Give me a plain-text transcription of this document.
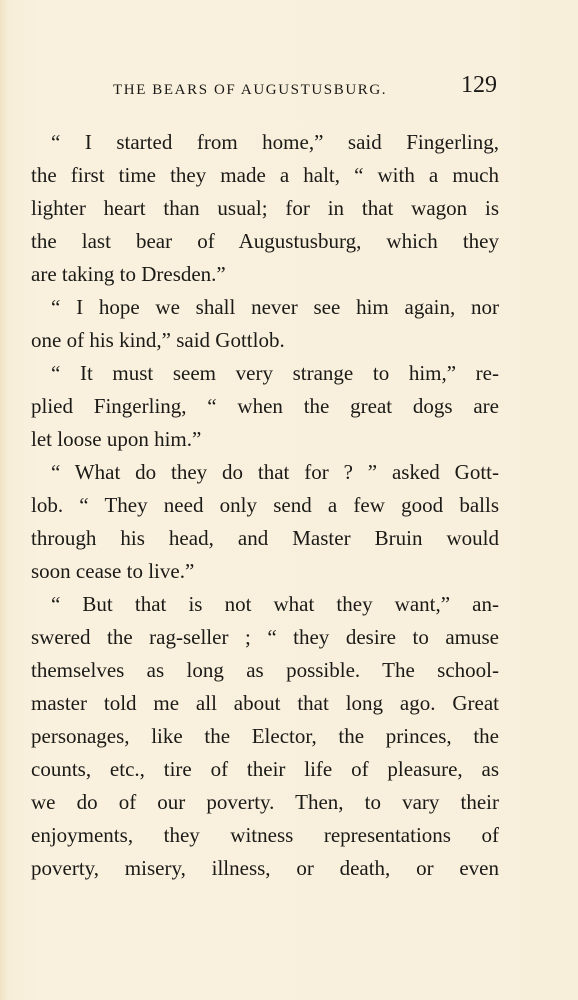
THE BEARS OF AUGUSTUSBURG.	129
“ I started from home,” said Fingerling,
the first time they made a halt, “ with a much
lighter heart than usual; for in that wagon is
the last bear of Augustusburg, which they
are taking to Dresden.”
“ I hope we shall never see him again, nor
one of his kind,” said Gottlob.
“ It must seem very strange to him,” re-
plied Fingerling, “ when the great dogs are
let loose upon him.”
“ What do they do that for ? ” asked Gott-
lob. “ They need only send a few good balls
through his head, and Master Bruin would
soon cease to live.”
“ But that is not what they want,” an-
swered the rag-seller ; “ they desire to amuse
themselves as long as possible. The school-
master told me all about that long ago. Great
personages, like the Elector, the princes, the
counts, etc., tire of their life of pleasure, as
we do of our poverty. Then, to vary their
enjoyments, they witness representations of
poverty, misery, illness, or death, or even
